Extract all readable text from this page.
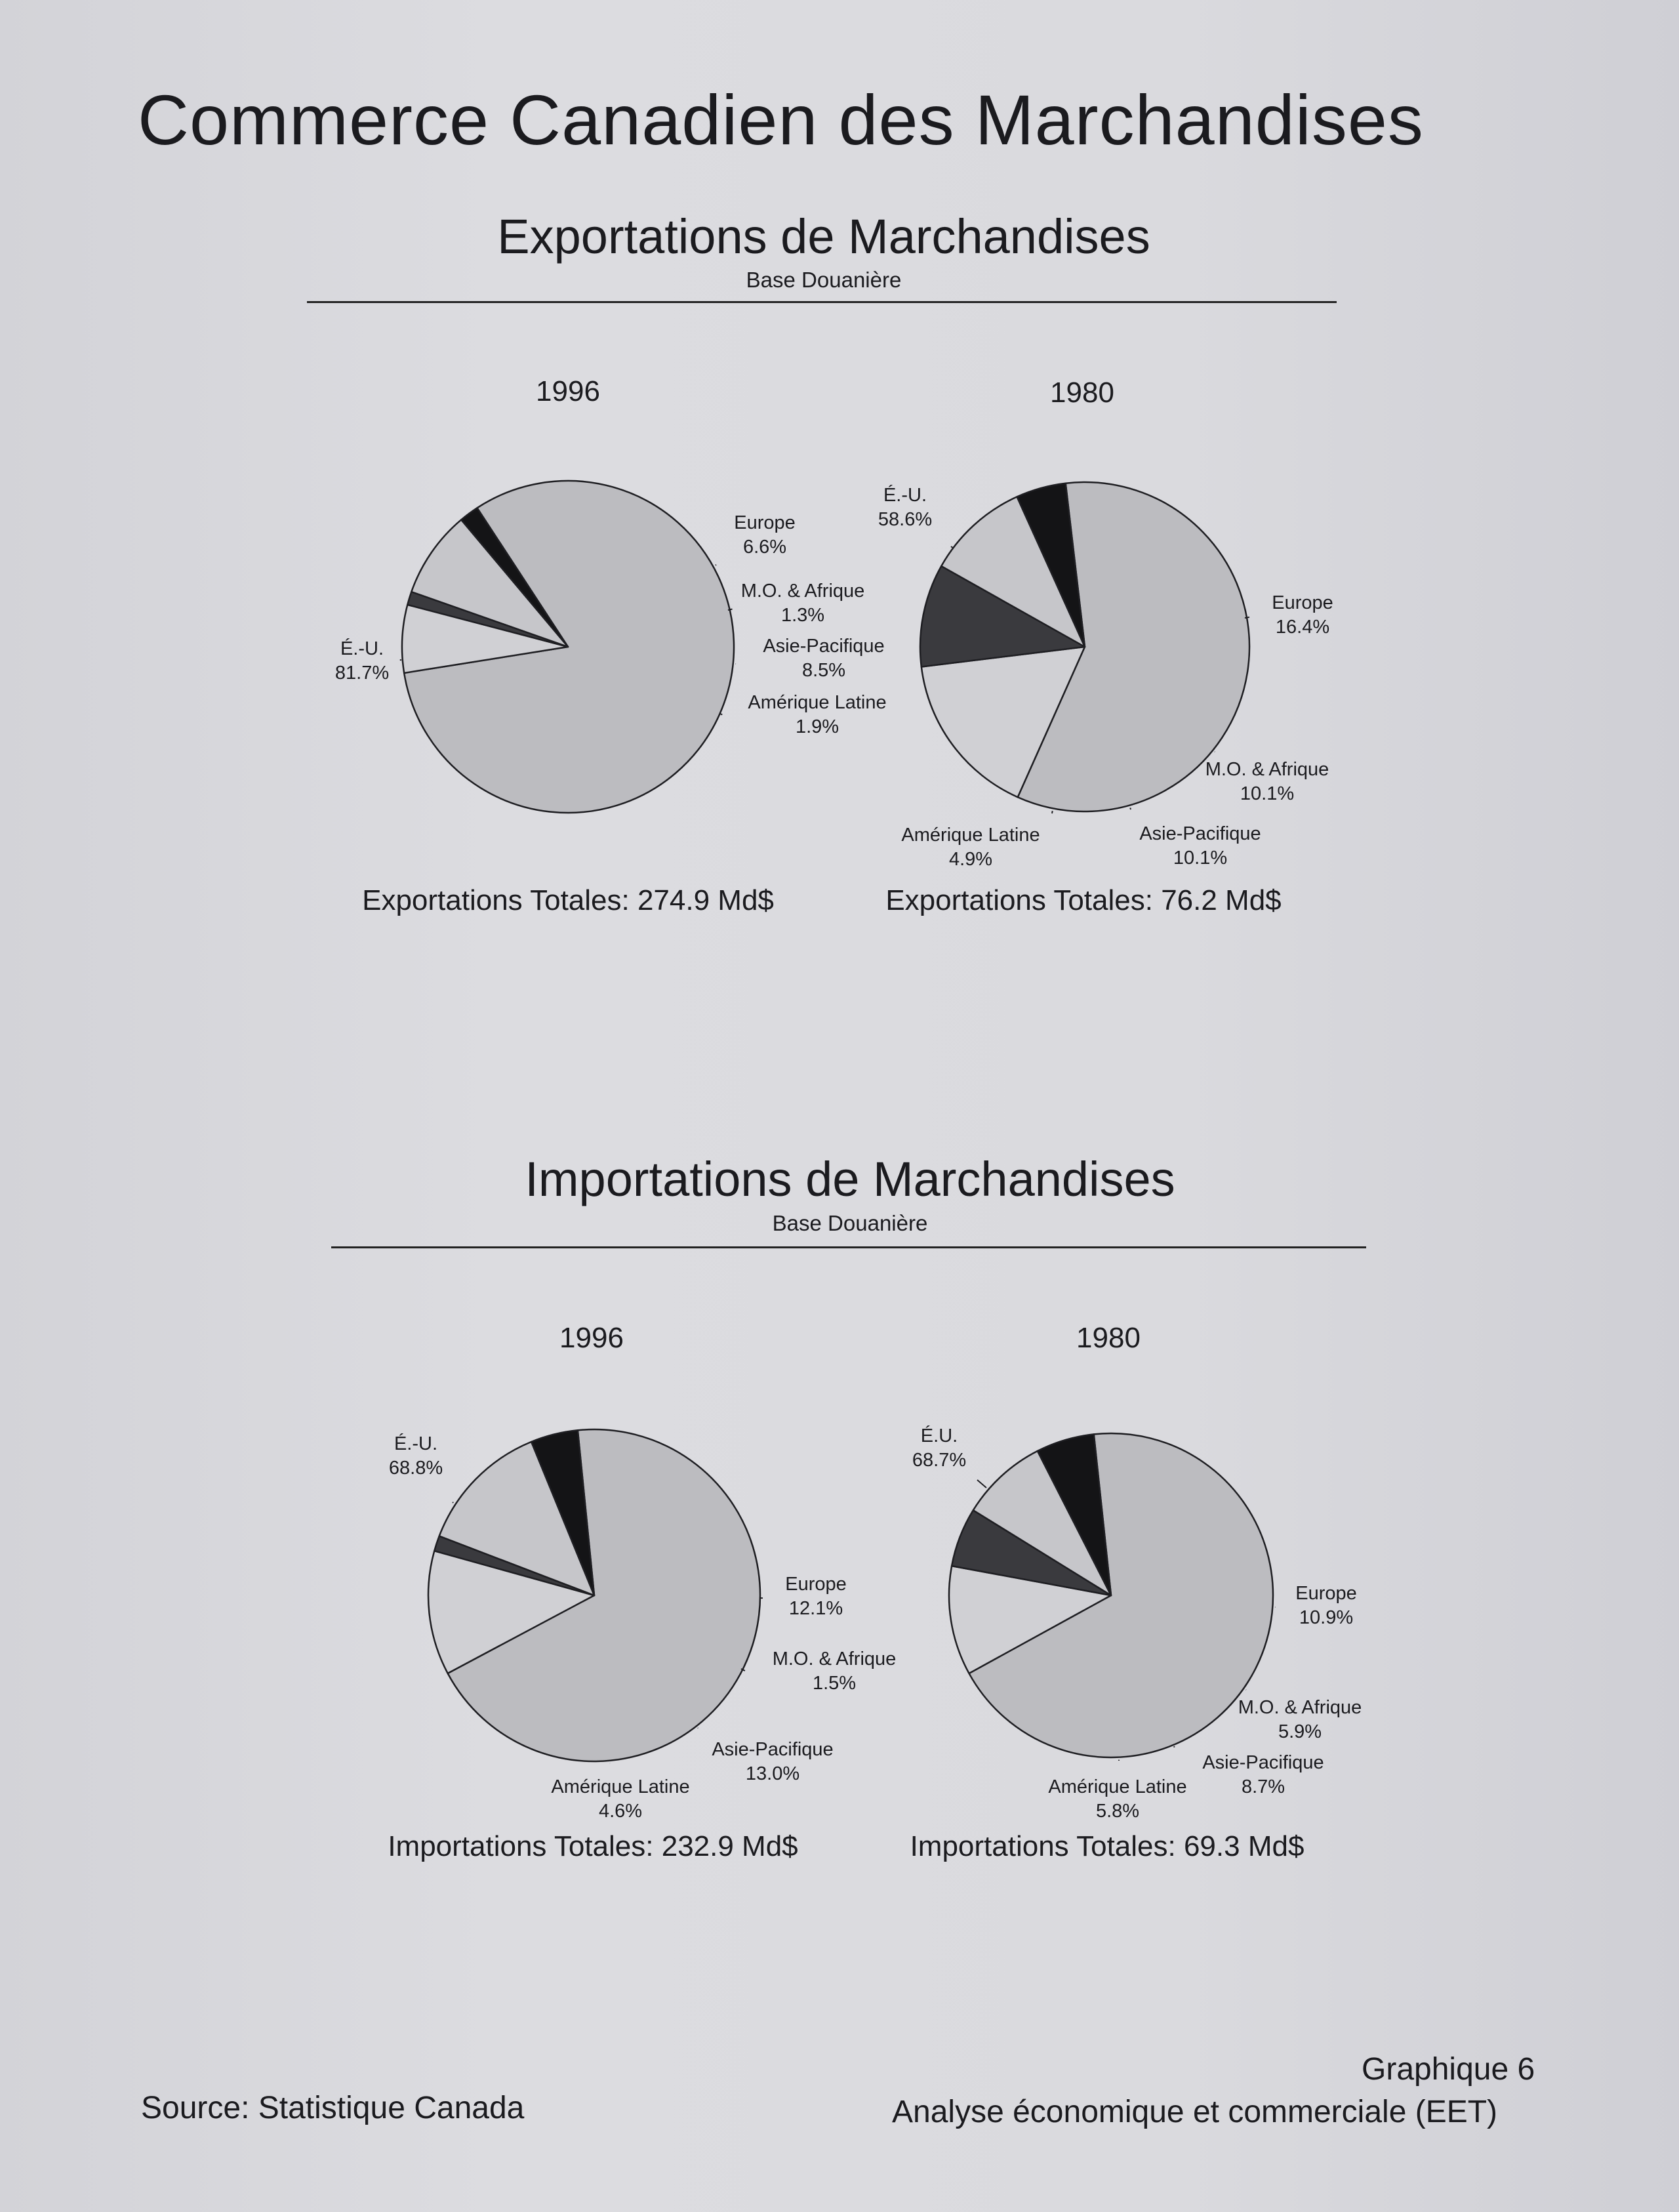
Commerce Canadien des Marchandises
Exportations de Marchandises
Base Douanière
1996	1980
Exportations Totales: 274.9 Md$	Exportations Totales: 76.2 Md$
Importations de Marchandises
Base Douanière
1996	1980
Importations Totales: 232.9 Md$	Importations Totales: 69.3 Md$
É.-U.
81.7%
Europe
6.6%
M.O. & Afrique
1.3%
Asie-Pacifique
8.5%
Amérique Latine
1.9%
É.-U.
58.6%
Europe
16.4%
M.O. & Afrique
10.1%
Asie-Pacifique
10.1%
Amérique Latine
4.9%
É.-U.
68.8%
Europe
12.1%
M.O. & Afrique
1.5%
Asie-Pacifique
13.0%
Amérique Latine
4.6%
É.U.
68.7%
Europe
10.9%
M.O. & Afrique
5.9%
Asie-Pacifique
8.7%
Amérique Latine
5.8%
Source: Statistique Canada
Graphique 6
Analyse économique et commerciale (EET)
